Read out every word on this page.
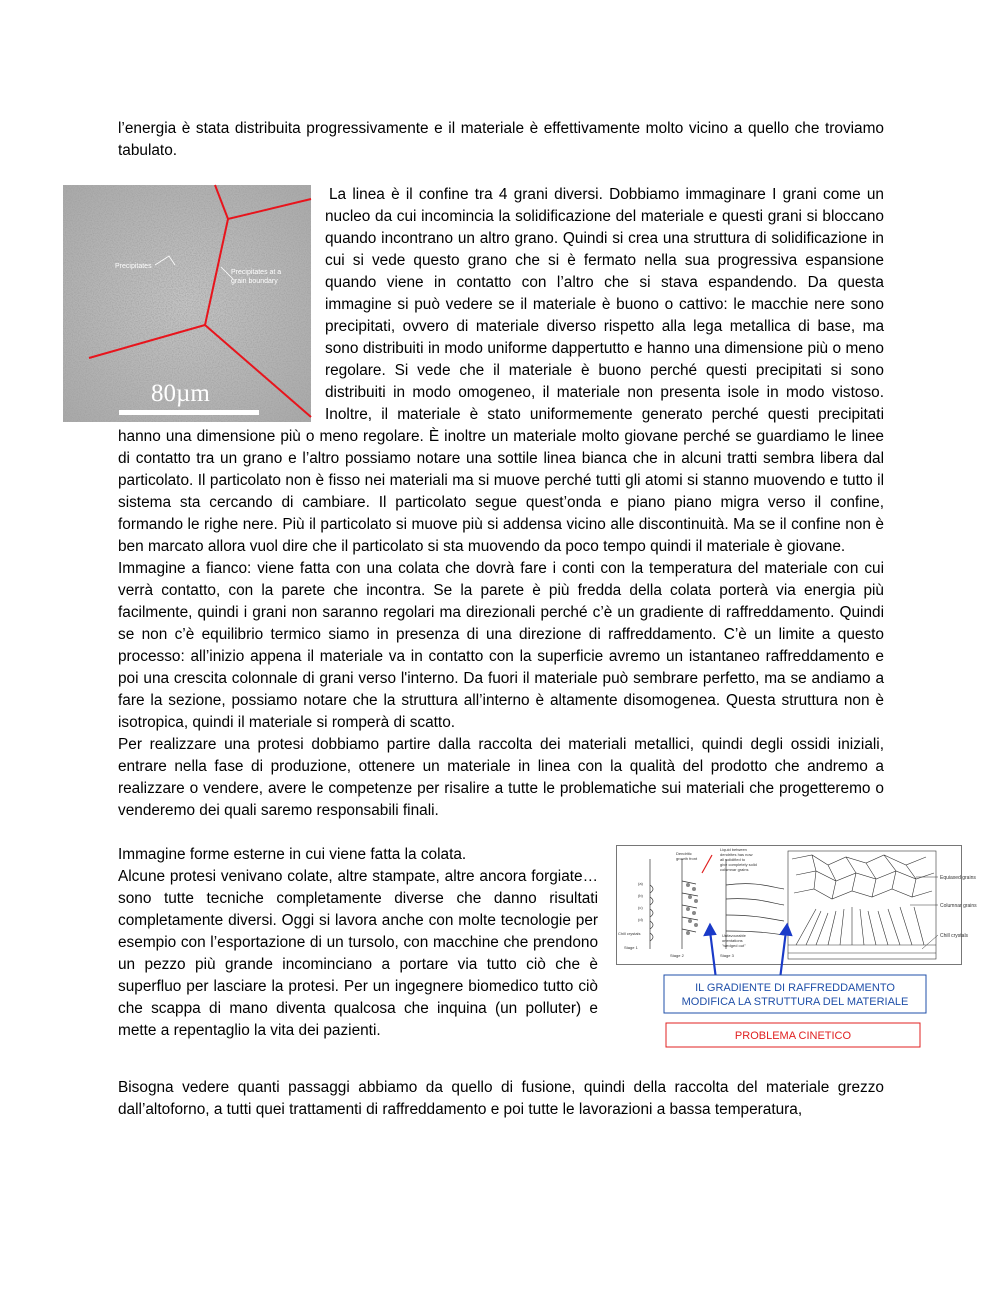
l’energia è stata distribuita progressivamente e il materiale è effettivamente molto vicino a quello che troviamo tabulato.

Precipitates
Precipitates at a
grain boundary
80µm

La linea è il confine tra 4 grani diversi. Dobbiamo immaginare I grani come un nucleo da cui incomincia la solidificazione del materiale e questi grani si bloccano quando incontrano un altro grano. Quindi si crea una struttura di solidificazione in cui si vede questo grano che si è fermato nella sua progressiva espansione quando viene in contatto con l’altro che si stava espandendo. Da questa immagine si può vedere se il materiale è buono o cattivo: le macchie nere sono precipitati, ovvero di materiale diverso rispetto alla lega metallica di base, ma sono distribuiti in modo uniforme dappertutto e hanno una dimensione più o meno regolare. Si vede che il materiale è buono perché questi precipitati si sono distribuiti in modo omogeneo, il materiale non presenta isole in modo vistoso. Inoltre, il materiale è stato uniformemente generato perché questi precipitati hanno una dimensione più o meno regolare. È inoltre un materiale molto giovane perché se guardiamo le linee di contatto tra un grano e l’altro possiamo notare una sottile linea bianca che in alcuni tratti sembra libera dal particolato. Il particolato non è fisso nei materiali ma si muove perché tutti gli atomi si stanno muovendo e tutto il sistema sta cercando di cambiare. Il particolato segue quest’onda e piano piano migra verso il confine, formando le righe nere. Più il particolato si muove più si addensa vicino alle discontinuità. Ma se il confine non è ben marcato allora vuol dire che il particolato si sta muovendo da poco tempo quindi il materiale è giovane.

Immagine a fianco: viene fatta con una colata che dovrà fare i conti con la temperatura del materiale con cui verrà contatto, con la parete che incontra. Se la parete è più fredda della colata porterà via energia più facilmente, quindi i grani non saranno regolari ma direzionali perché c’è un gradiente di raffreddamento. Quindi se non c’è equilibrio termico siamo in presenza di una direzione di raffreddamento. C’è un limite a questo processo: all’inizio appena il materiale va in contatto con la superficie avremo un istantaneo raffreddamento e poi una crescita colonnale di grani verso l'interno. Da fuori il materiale può sembrare perfetto, ma se andiamo a fare la sezione, possiamo notare che la struttura all’interno è altamente disomogenea. Questa struttura non è isotropica, quindi il materiale si romperà di scatto.

Per realizzare una protesi dobbiamo partire dalla raccolta dei materiali metallici, quindi degli ossidi iniziali, entrare nella fase di produzione, ottenere un materiale in linea con la qualità del prodotto che andremo a realizzare o vendere, avere le competenze per risalire a tutte le problematiche sui materiali che progetteremo o venderemo dei quali saremo responsabili finali.

Stage 1
Stage 2	Stage 3
Chill crystals
(a)
(b)
(c)
(d)
Dendritic
growth front
Liquid between
dendrites has now
all solidified to
give completely solid
columnar grains
Unfavourable
orientations
"wedged out"
Equiaxed grains
Columnar grains
Chill crystals
IL GRADIENTE DI RAFFREDDAMENTO
MODIFICA LA STRUTTURA DEL MATERIALE
PROBLEMA CINETICO

Immagine forme esterne in cui viene fatta la colata.

Alcune protesi venivano colate, altre stampate, altre ancora forgiate… sono tutte tecniche completamente diverse che danno risultati completamente diversi. Oggi si lavora anche con molte tecnologie per esempio con l’esportazione di un tursolo, con macchine che prendono un pezzo più grande incominciano a portare via tutto ciò che è superfluo per lasciare la protesi. Per un ingegnere biomedico tutto ciò che scappa di mano diventa qualcosa che inquina (un polluter) e mette a repentaglio la vita dei pazienti.

Bisogna vedere quanti passaggi abbiamo da quello di fusione, quindi della raccolta del materiale grezzo dall’altoforno, a tutti quei trattamenti di raffreddamento e poi tutte le lavorazioni a bassa temperatura,
